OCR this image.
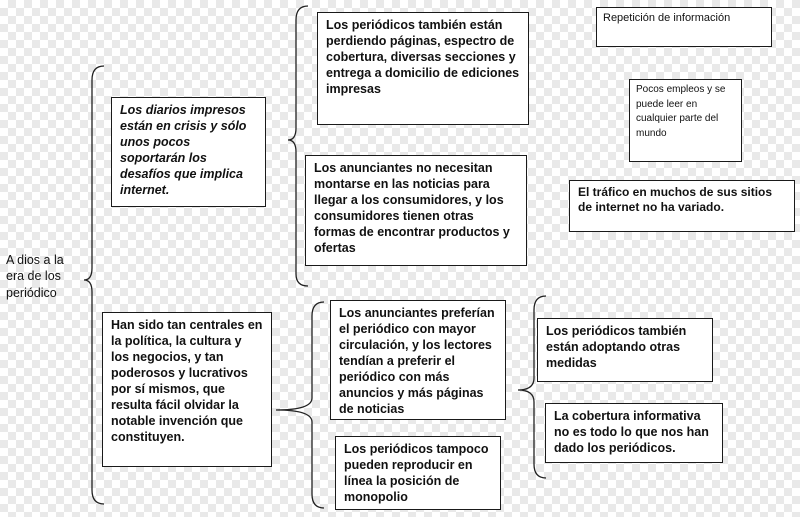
A dios a la era de los periódico
Los diarios impresos están en crisis y sólo unos pocos soportarán los desafíos que implica internet.
Los periódicos también están perdiendo páginas, espectro de cobertura, diversas secciones y entrega a domicilio de ediciones impresas
Los anunciantes no necesitan montarse en las noticias para llegar a los consumidores, y los consumidores tienen otras formas de encontrar productos y ofertas
Han sido tan centrales en la política, la cultura y los negocios, y tan poderosos y lucrativos por sí mismos, que resulta fácil olvidar la notable invención que constituyen.
Los anunciantes preferían el periódico con mayor circulación, y los lectores tendían a preferir el periódico con más anuncios y más páginas de noticias
Los periódicos tampoco pueden reproducir en línea la posición de monopolio
Los periódicos también están adoptando otras medidas
La cobertura informativa no es todo lo que nos han dado los periódicos.
Repetición de información
Pocos empleos y se puede leer en cualquier parte del mundo
El tráfico en muchos de sus sitios de internet no ha variado.
